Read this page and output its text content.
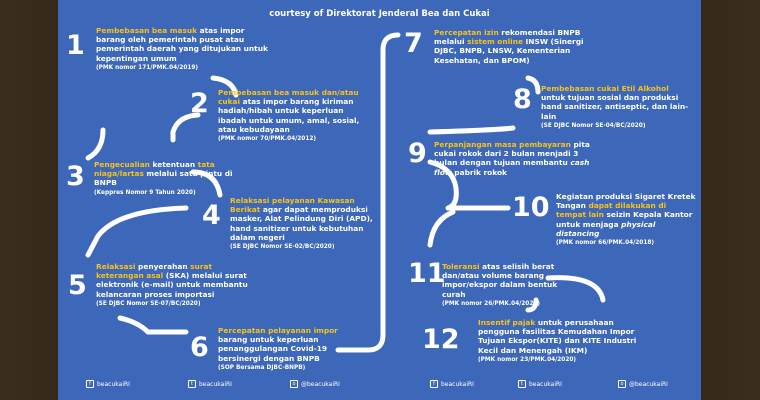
courtesy of Direktorat Jenderal Bea dan Cukai
1 Pembebasan bea masuk atas impor barang oleh pemerintah pusat atau pemerintah daerah yang ditujukan untuk kepentingan umum
(PMK nomor 171/PMK.04/2019)
2 Pembebasan bea masuk dan/atau cukai atas impor barang kiriman hadiah/hibah untuk keperluan ibadah untuk umum, amal, sosial, atau kebudayaan
(PMK nomor 70/PMK.04/2012)
3 Pengecualian ketentuan tata niaga/lartas melalui satu pintu di BNPB
(Keppres Nomor 9 Tahun 2020)
4 Relaksasi pelayanan Kawasan Berikat agar dapat memproduksi masker, Alat Pelindung Diri (APD), hand sanitizer untuk kebutuhan dalam negeri
(SE DJBC Nomor SE-02/BC/2020)
5
Relaksasi penyerahan surat keterangan asal (SKA) melalui surat elektronik (e-mail) untuk membantu kelancaran proses importasi
(SE DJBC Nomor SE-07/BC/2020)
6
Percepatan pelayanan impor barang untuk keperluan penanggulangan Covid-19 bersinergi dengan BNPB
(SOP Bersama DJBC-BNPB)
7 Percepatan izin rekomendasi BNPB melalui sistem online INSW (Sinergi DJBC, BNPB, LNSW, Kementerian Kesehatan, dan BPOM)
8 Pembebasan cukai Etil Alkohol untuk tujuan sosial dan produksi hand sanitizer, antiseptic, dan lain-lain
(SE DJBC Nomor SE-04/BC/2020)
9 Perpanjangan masa pembayaran pita cukai rokok dari 2 bulan menjadi 3 bulan dengan tujuan membantu cash flow pabrik rokok
10 Kegiatan produksi Sigaret Kretek Tangan dapat dilakukan di tempat lain seizin Kepala Kantor untuk menjaga physical distancing
(PMK nomor 66/PMK.04/2018)
11
Toleransi atas selisih berat dan/atau volume barang impor/ekspor dalam bentuk curah
(PMK nomor 26/PMK.04/2020)
12
Insentif pajak untuk perusahaan pengguna fasilitas Kemudahan Impor Tujuan Ekspor(KITE) dan KITE Industri Kecil dan Menengah (IKM)
(PMK nomor 23/PMK.04/2020)
f	beacukaiRI	t	beacukaiRI	o @beacukaiRI	f	beacukaiRI	t	beacukaiRI	o @beacukaiRI
